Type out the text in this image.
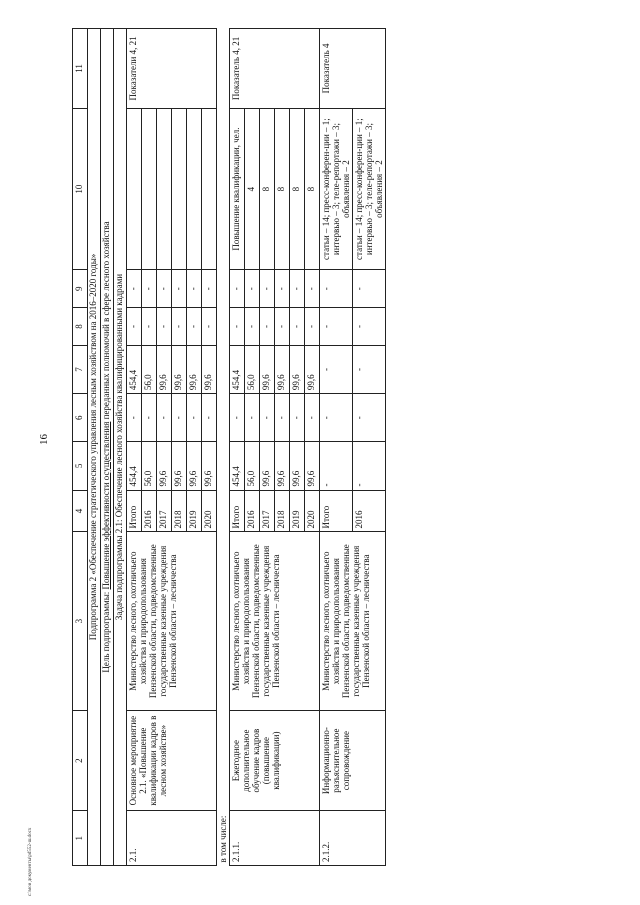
16
c:\мои документы\рd552-ш.docx	1	2	3	4	5	6	7	8	9	10	11
Подпрограмма 2 «Обеспечение стратегического управления лесным хозяйством на 2016–2020 годы»										
Цель подпрограммы: Повышение эффективности осуществления переданных полномочий в сфере лесного хозяйства										
Задача подпрограммы 2.1: Обеспечение лесного хозяйства квалифицированными кадрами										
2.1.	Основное мероприятие 2.1. «Повышение квалификации кадров в лесном хозяйстве»	Министерство лесного, охотничьего хозяйства и природопользования Пензенской области, подведомственные государственные казенные учреждения Пензенской области – лесничества	Итого	454,4	-	454,4	-	-		Показатели 4, 21
			2016	56,0	-	56,0	-	-		
			2017	99,6	-	99,6	-	-		
			2018	99,6	-	99,6	-	-		
			2019	99,6	-	99,6	-	-		
			2020	99,6	-	99,6	-	-		
в том числе:										
2.1.1.	Ежегодное дополнительное обучение кадров (повышение квалификации)	Министерство лесного, охотничьего хозяйства и природопользования Пензенской области, подведомственные государственные казенные учреждения Пензенской области – лесничества	Итого	454,4	-	454,4	-	-	Повышение квалификации, чел.	Показатель 4, 21
			2016	56,0	-	56,0	-	-	4	
			2017	99,6	-	99,6	-	-	8	
			2018	99,6	-	99,6	-	-	8	
			2019	99,6	-	99,6	-	-	8	
			2020	99,6	-	99,6	-	-	8	
2.1.2.	Информационно-разъяснительное сопровождение	Министерство лесного, охотничьего хозяйства и природопользования Пензенской области, подведомственные государственные казенные учреждения Пензенской области – лесничества	Итого	-	-	-	-	-	статьи – 14; пресс-конферен-ции – 1; интервью – 3; теле-репортажи – 3; объявления – 2	Показатель 4
			2016	-	-	-	-	-	статьи – 14; пресс-конферен-ции – 1; интервью – 3; теле-репортажи – 3; объявления – 2	
